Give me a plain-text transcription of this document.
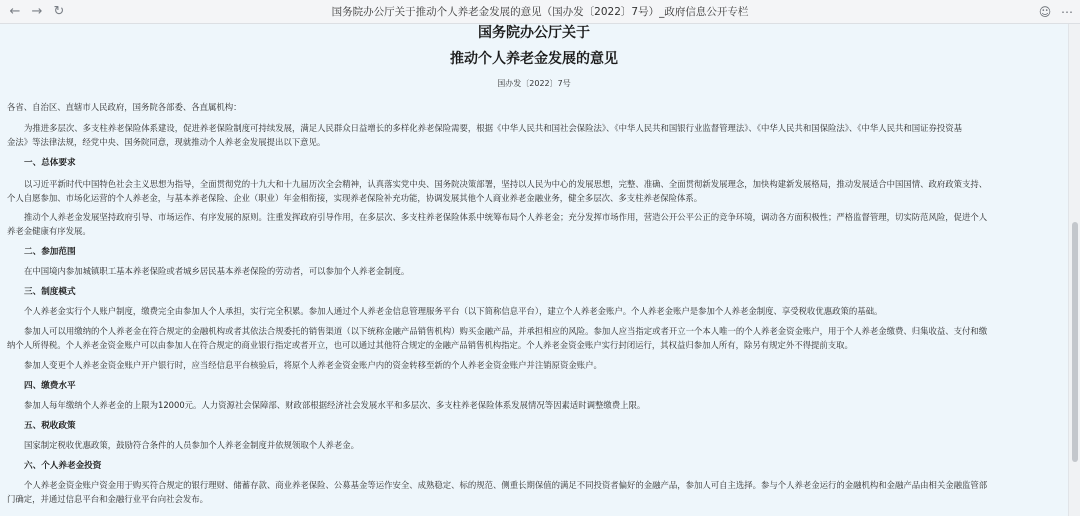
← → ↻	国务院办公厅关于推动个人养老金发展的意见（国办发〔2022〕7号）_政府信息公开专栏	☺ ⋯
国务院办公厅关于
推动个人养老金发展的意见
国办发〔2022〕7号
各省、自治区、直辖市人民政府，国务院各部委、各直属机构：
为推进多层次、多支柱养老保险体系建设，促进养老保险制度可持续发展，满足人民群众日益增长的多样化养老保险需要，根据《中华人民共和国社会保险法》、《中华人民共和国银行业监督管理法》、《中华人民共和国保险法》、《中华人民共和国证券投资基
金法》等法律法规，经党中央、国务院同意，现就推动个人养老金发展提出以下意见。
一、总体要求
以习近平新时代中国特色社会主义思想为指导，全面贯彻党的十九大和十九届历次全会精神，认真落实党中央、国务院决策部署，坚持以人民为中心的发展思想，完整、准确、全面贯彻新发展理念，加快构建新发展格局，推动发展适合中国国情、政府政策支持、
个人自愿参加、市场化运营的个人养老金，与基本养老保险、企业（职业）年金相衔接，实现养老保险补充功能，协调发展其他个人商业养老金融业务，健全多层次、多支柱养老保险体系。
推动个人养老金发展坚持政府引导、市场运作、有序发展的原则。注重发挥政府引导作用，在多层次、多支柱养老保险体系中统筹布局个人养老金；充分发挥市场作用，营造公开公平公正的竞争环境，调动各方面积极性；严格监督管理，切实防范风险，促进个人
养老金健康有序发展。
二、参加范围
在中国境内参加城镇职工基本养老保险或者城乡居民基本养老保险的劳动者，可以参加个人养老金制度。
三、制度模式
个人养老金实行个人账户制度，缴费完全由参加人个人承担，实行完全积累。参加人通过个人养老金信息管理服务平台（以下简称信息平台），建立个人养老金账户。个人养老金账户是参加个人养老金制度、享受税收优惠政策的基础。
参加人可以用缴纳的个人养老金在符合规定的金融机构或者其依法合规委托的销售渠道（以下统称金融产品销售机构）购买金融产品，并承担相应的风险。参加人应当指定或者开立一个本人唯一的个人养老金资金账户，用于个人养老金缴费、归集收益、支付和缴
纳个人所得税。个人养老金资金账户可以由参加人在符合规定的商业银行指定或者开立，也可以通过其他符合规定的金融产品销售机构指定。个人养老金资金账户实行封闭运行，其权益归参加人所有，除另有规定外不得提前支取。
参加人变更个人养老金资金账户开户银行时，应当经信息平台核验后，将原个人养老金资金账户内的资金转移至新的个人养老金资金账户并注销原资金账户。
四、缴费水平
参加人每年缴纳个人养老金的上限为12000元。人力资源社会保障部、财政部根据经济社会发展水平和多层次、多支柱养老保险体系发展情况等因素适时调整缴费上限。
五、税收政策
国家制定税收优惠政策，鼓励符合条件的人员参加个人养老金制度并依规领取个人养老金。
六、个人养老金投资
个人养老金资金账户资金用于购买符合规定的银行理财、储蓄存款、商业养老保险、公募基金等运作安全、成熟稳定、标的规范、侧重长期保值的满足不同投资者偏好的金融产品，参加人可自主选择。参与个人养老金运行的金融机构和金融产品由相关金融监管部
门确定，并通过信息平台和金融行业平台向社会发布。
